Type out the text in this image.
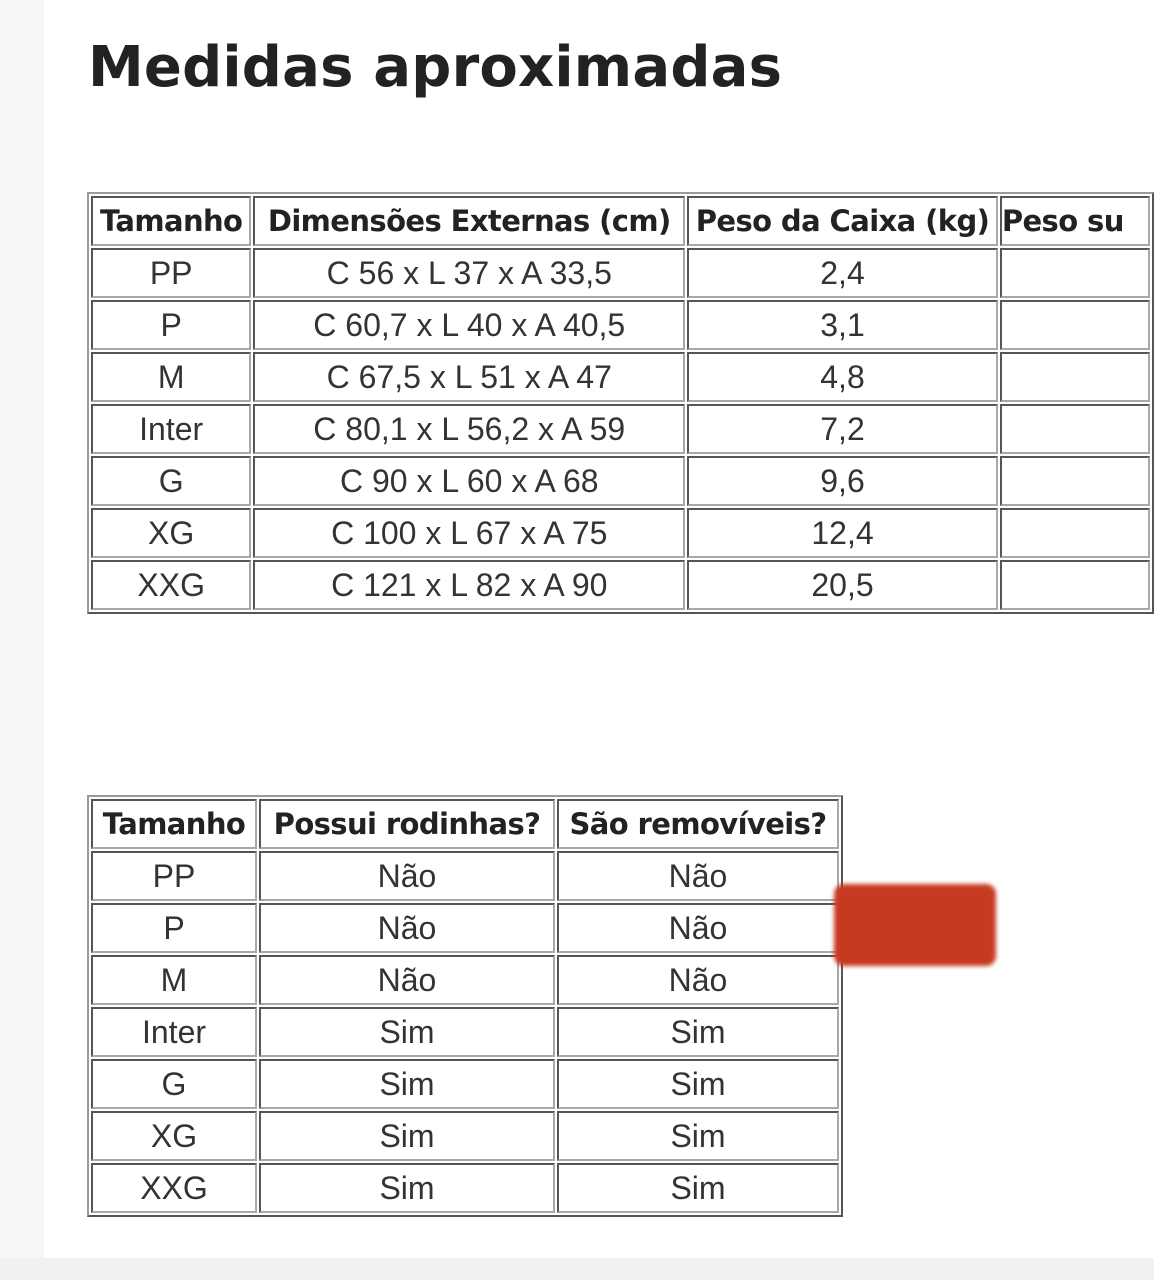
Medidas aproximadas
Tamanho	Dimensões Externas (cm)	Peso da Caixa (kg)	Peso su
PP	C 56 x L 37 x A 33,5	2,4	
P	C 60,7 x L 40 x A 40,5	3,1	
M	C 67,5 x L 51 x A 47	4,8	
Inter	C 80,1 x L 56,2 x A 59	7,2	
G	C 90 x L 60 x A 68	9,6	
XG	C 100 x L 67 x A 75	12,4	
XXG	C 121 x L 82 x A 90	20,5	
Tamanho	Possui rodinhas?	São removíveis?
PP	Não	Não
P	Não	Não
M	Não	Não
Inter	Sim	Sim
G	Sim	Sim
XG	Sim	Sim
XXG	Sim	Sim
